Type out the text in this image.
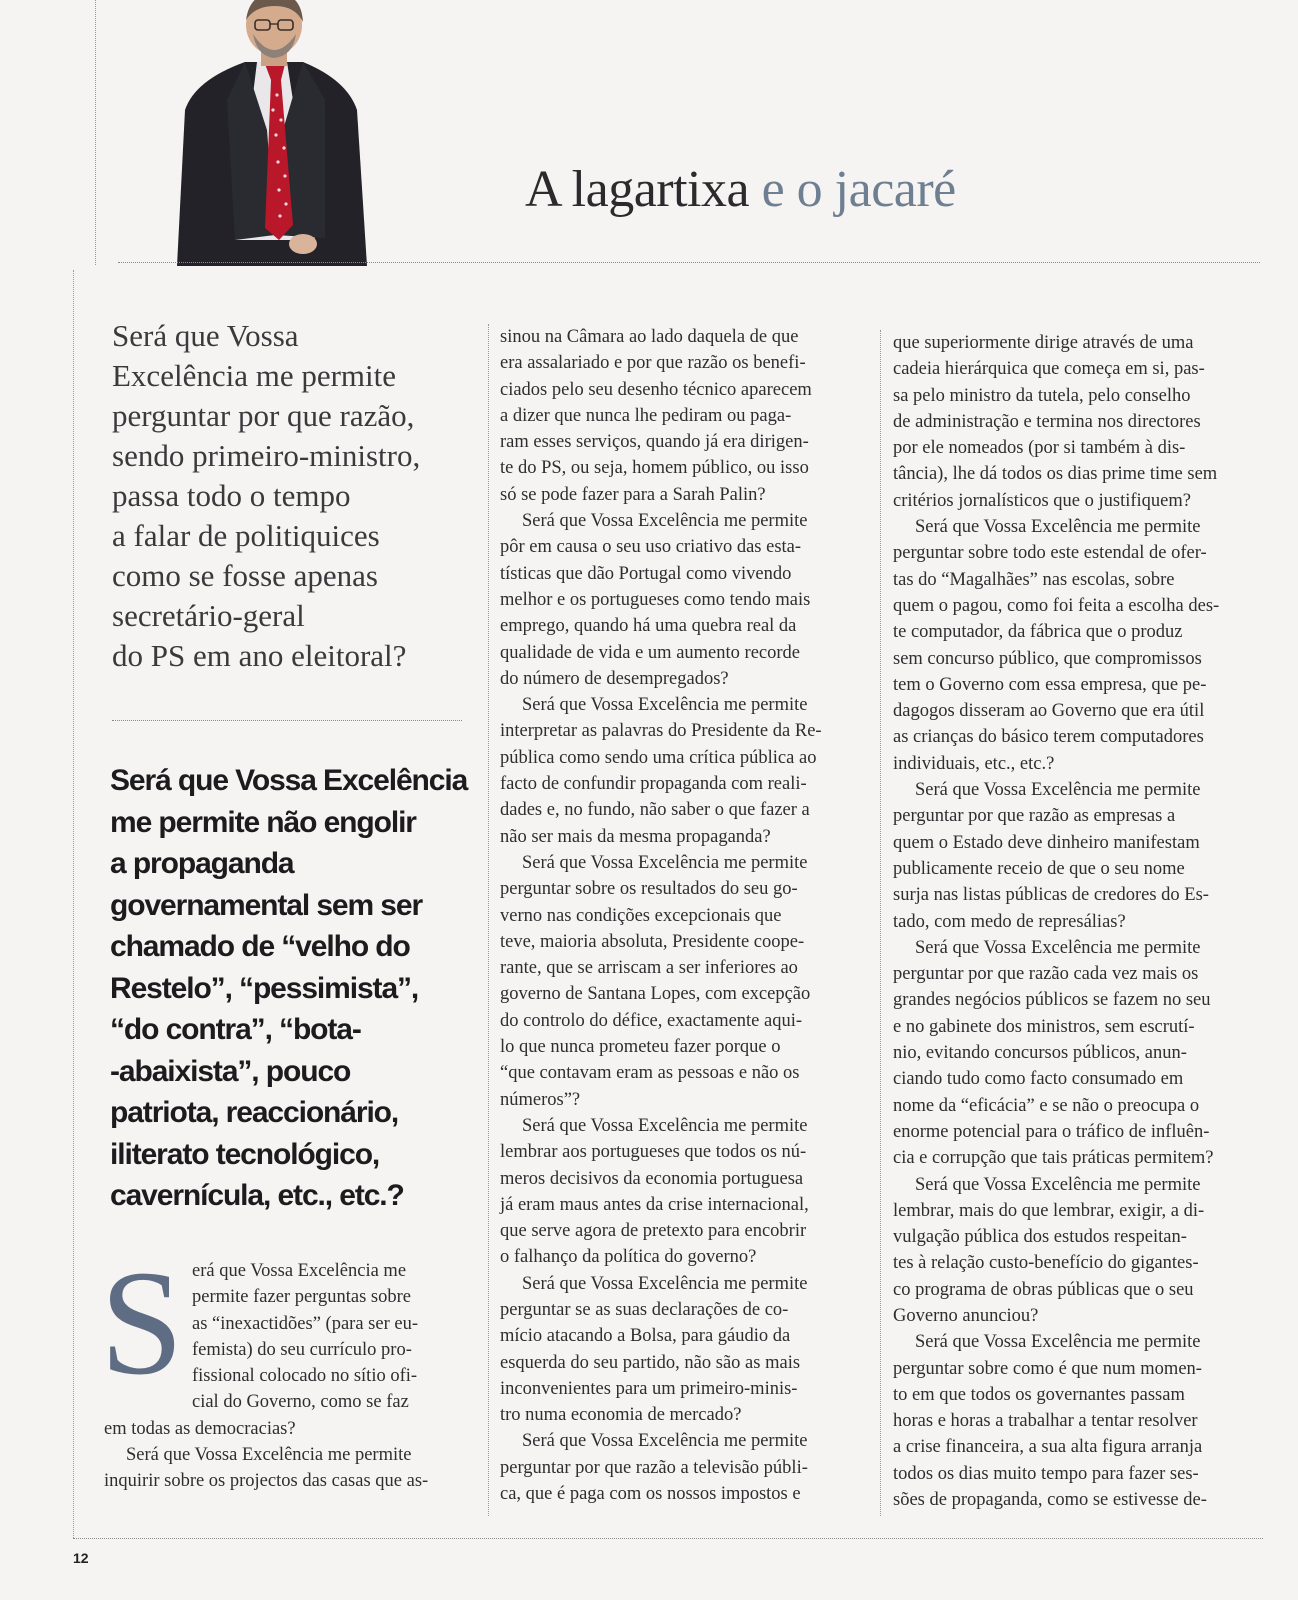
A lagartixa e o jacaré
Será que Vossa
Excelência me permite
perguntar por que razão,
sendo primeiro-ministro,
passa todo o tempo
a falar de politiquices
como se fosse apenas
secretário-geral
do PS em ano eleitoral?
Será que Vossa Excelência
me permite não engolir
a propaganda
governamental sem ser
chamado de “velho do
Restelo”, “pessimista”,
“do contra”, “bota-
-abaixista”, pouco
patriota, reaccionário,
iliterato tecnológico,
cavernícula, etc., etc.?
S erá que Vossa Excelência me
permite fazer perguntas sobre
as “inexactidões” (para ser eu-
femista) do seu currículo pro-
fissional colocado no sítio ofi-
cial do Governo, como se faz
em todas as democracias?
Será que Vossa Excelência me permite
inquirir sobre os projectos das casas que as-
sinou na Câmara ao lado daquela de que
era assalariado e por que razão os benefi-
ciados pelo seu desenho técnico aparecem
a dizer que nunca lhe pediram ou paga-
ram esses serviços, quando já era dirigen-
te do PS, ou seja, homem público, ou isso
só se pode fazer para a Sarah Palin?
Será que Vossa Excelência me permite
pôr em causa o seu uso criativo das esta-
tísticas que dão Portugal como vivendo
melhor e os portugueses como tendo mais
emprego, quando há uma quebra real da
qualidade de vida e um aumento recorde
do número de desempregados?
Será que Vossa Excelência me permite
interpretar as palavras do Presidente da Re-
pública como sendo uma crítica pública ao
facto de confundir propaganda com reali-
dades e, no fundo, não saber o que fazer a
não ser mais da mesma propaganda?
Será que Vossa Excelência me permite
perguntar sobre os resultados do seu go-
verno nas condições excepcionais que
teve, maioria absoluta, Presidente coope-
rante, que se arriscam a ser inferiores ao
governo de Santana Lopes, com excepção
do controlo do défice, exactamente aqui-
lo que nunca prometeu fazer porque o
“que contavam eram as pessoas e não os
números”?
Será que Vossa Excelência me permite
lembrar aos portugueses que todos os nú-
meros decisivos da economia portuguesa
já eram maus antes da crise internacional,
que serve agora de pretexto para encobrir
o falhanço da política do governo?
Será que Vossa Excelência me permite
perguntar se as suas declarações de co-
mício atacando a Bolsa, para gáudio da
esquerda do seu partido, não são as mais
inconvenientes para um primeiro-minis-
tro numa economia de mercado?
Será que Vossa Excelência me permite
perguntar por que razão a televisão públi-
ca, que é paga com os nossos impostos e
que superiormente dirige através de uma
cadeia hierárquica que começa em si, pas-
sa pelo ministro da tutela, pelo conselho
de administração e termina nos directores
por ele nomeados (por si também à dis-
tância), lhe dá todos os dias prime time sem
critérios jornalísticos que o justifiquem?
Será que Vossa Excelência me permite
perguntar sobre todo este estendal de ofer-
tas do “Magalhães” nas escolas, sobre
quem o pagou, como foi feita a escolha des-
te computador, da fábrica que o produz
sem concurso público, que compromissos
tem o Governo com essa empresa, que pe-
dagogos disseram ao Governo que era útil
as crianças do básico terem computadores
individuais, etc., etc.?
Será que Vossa Excelência me permite
perguntar por que razão as empresas a
quem o Estado deve dinheiro manifestam
publicamente receio de que o seu nome
surja nas listas públicas de credores do Es-
tado, com medo de represálias?
Será que Vossa Excelência me permite
perguntar por que razão cada vez mais os
grandes negócios públicos se fazem no seu
e no gabinete dos ministros, sem escrutí-
nio, evitando concursos públicos, anun-
ciando tudo como facto consumado em
nome da “eficácia” e se não o preocupa o
enorme potencial para o tráfico de influên-
cia e corrupção que tais práticas permitem?
Será que Vossa Excelência me permite
lembrar, mais do que lembrar, exigir, a di-
vulgação pública dos estudos respeitan-
tes à relação custo-benefício do gigantes-
co programa de obras públicas que o seu
Governo anunciou?
Será que Vossa Excelência me permite
perguntar sobre como é que num momen-
to em que todos os governantes passam
horas e horas a trabalhar a tentar resolver
a crise financeira, a sua alta figura arranja
todos os dias muito tempo para fazer ses-
sões de propaganda, como se estivesse de-
12
